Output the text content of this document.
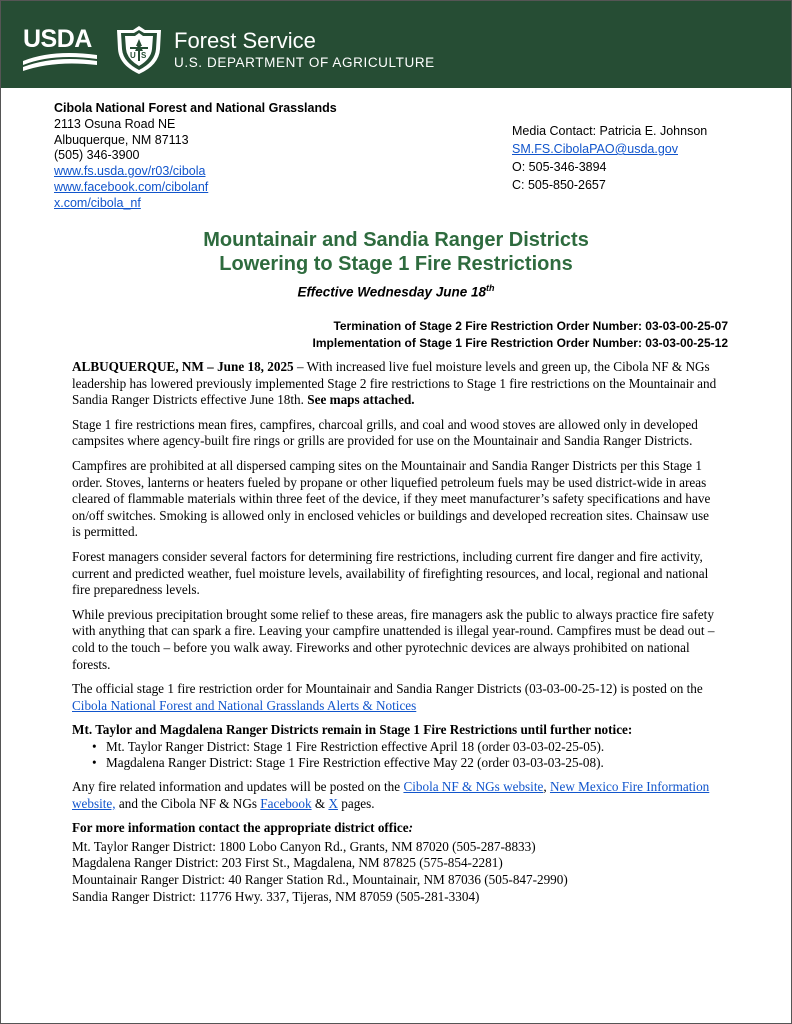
USDA
U S
Forest Service
U.S. DEPARTMENT OF AGRICULTURE
Cibola National Forest and National Grasslands
2113 Osuna Road NE
Albuquerque, NM 87113
(505) 346-3900
www.fs.usda.gov/r03/cibola
www.facebook.com/cibolanf
x.com/cibola_nf
Media Contact: Patricia E. Johnson
SM.FS.CibolaPAO@usda.gov
O: 505-346-3894
C: 505-850-2657
Mountainair and Sandia Ranger Districts
Lowering to Stage 1 Fire Restrictions
Effective Wednesday June 18th
Termination of Stage 2 Fire Restriction Order Number: 03-03-00-25-07
Implementation of Stage 1 Fire Restriction Order Number: 03-03-00-25-12

ALBUQUERQUE, NM – June 18, 2025 – With increased live fuel moisture levels and green up, the Cibola NF & NGs leadership has lowered previously implemented Stage 2 fire restrictions to Stage 1 fire restrictions on the Mountainair and Sandia Ranger Districts effective June 18th. See maps attached.

Stage 1 fire restrictions mean fires, campfires, charcoal grills, and coal and wood stoves are allowed only in developed campsites where agency-built fire rings or grills are provided for use on the Mountainair and Sandia Ranger Districts.

Campfires are prohibited at all dispersed camping sites on the Mountainair and Sandia Ranger Districts per this Stage 1 order. Stoves, lanterns or heaters fueled by propane or other liquefied petroleum fuels may be used district-wide in areas cleared of flammable materials within three feet of the device, if they meet manufacturer’s safety specifications and have on/off switches. Smoking is allowed only in enclosed vehicles or buildings and developed recreation sites. Chainsaw use is permitted.

Forest managers consider several factors for determining fire restrictions, including current fire danger and fire activity, current and predicted weather, fuel moisture levels, availability of firefighting resources, and local, regional and national fire preparedness levels.

While previous precipitation brought some relief to these areas, fire managers ask the public to always practice fire safety with anything that can spark a fire. Leaving your campfire unattended is illegal year-round. Campfires must be dead out – cold to the touch – before you walk away. Fireworks and other pyrotechnic devices are always prohibited on national forests.

The official stage 1 fire restriction order for Mountainair and Sandia Ranger Districts (03-03-00-25-12) is posted on the Cibola National Forest and National Grasslands Alerts & Notices

Mt. Taylor and Magdalena Ranger Districts remain in Stage 1 Fire Restrictions until further notice:
• Mt. Taylor Ranger District: Stage 1 Fire Restriction effective April 18 (order 03-03-02-25-05).
• Magdalena Ranger District: Stage 1 Fire Restriction effective May 22 (order 03-03-03-25-08).

Any fire related information and updates will be posted on the Cibola NF & NGs website, New Mexico Fire Information website, and the Cibola NF & NGs Facebook & X pages.

For more information contact the appropriate district office:
Mt. Taylor Ranger District: 1800 Lobo Canyon Rd., Grants, NM 87020 (505-287-8833)
Magdalena Ranger District: 203 First St., Magdalena, NM 87825 (575-854-2281)
Mountainair Ranger District: 40 Ranger Station Rd., Mountainair, NM 87036 (505-847-2990)
Sandia Ranger District: 11776 Hwy. 337, Tijeras, NM 87059 (505-281-3304)
